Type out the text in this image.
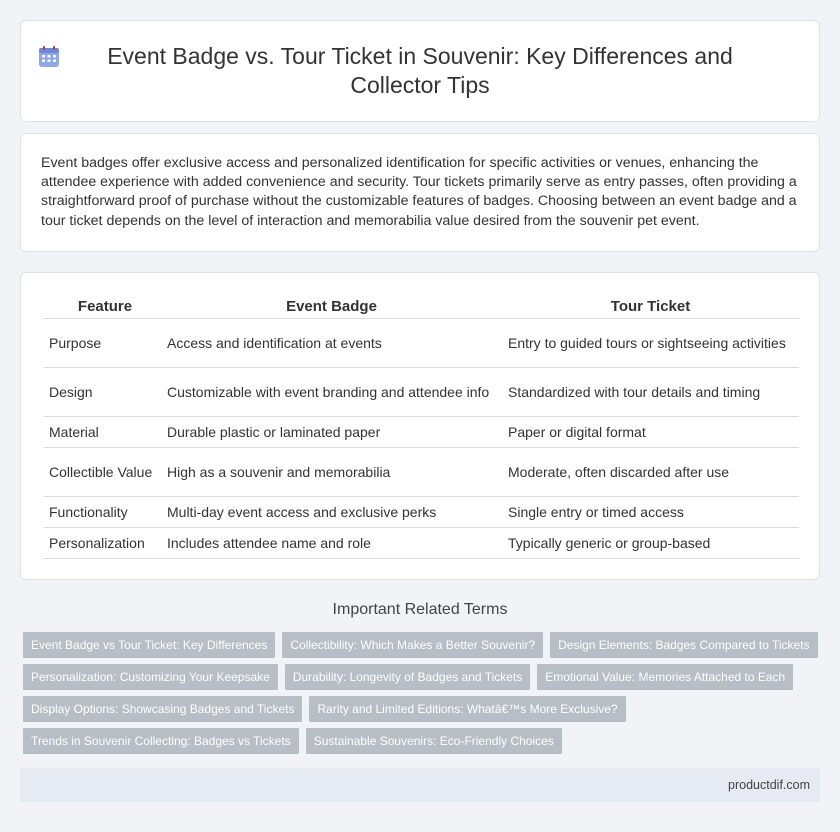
Event Badge vs. Tour Ticket in Souvenir: Key Differences and Collector Tips

Event badges offer exclusive access and personalized identification for specific activities or venues, enhancing the attendee experience with added convenience and security. Tour tickets primarily serve as entry passes, often providing a straightforward proof of purchase without the customizable features of badges. Choosing between an event badge and a tour ticket depends on the level of interaction and memorabilia value desired from the souvenir pet event.

Feature	Event Badge	Tour Ticket
Purpose	Access and identification at events	Entry to guided tours or sightseeing activities
Design	Customizable with event branding and attendee info	Standardized with tour details and timing
Material	Durable plastic or laminated paper	Paper or digital format
Collectible Value	High as a souvenir and memorabilia	Moderate, often discarded after use
Functionality	Multi-day event access and exclusive perks	Single entry or timed access
Personalization	Includes attendee name and role	Typically generic or group-based
Important Related Terms
Event Badge vs Tour Ticket: Key Differences	Collectibility: Which Makes a Better Souvenir?	Design Elements: Badges Compared to Tickets
Personalization: Customizing Your Keepsake	Durability: Longevity of Badges and Tickets	Emotional Value: Memories Attached to Each
Display Options: Showcasing Badges and Tickets	Rarity and Limited Editions: Whatâ€™s More Exclusive?
Trends in Souvenir Collecting: Badges vs Tickets	Sustainable Souvenirs: Eco-Friendly Choices
productdif.com
